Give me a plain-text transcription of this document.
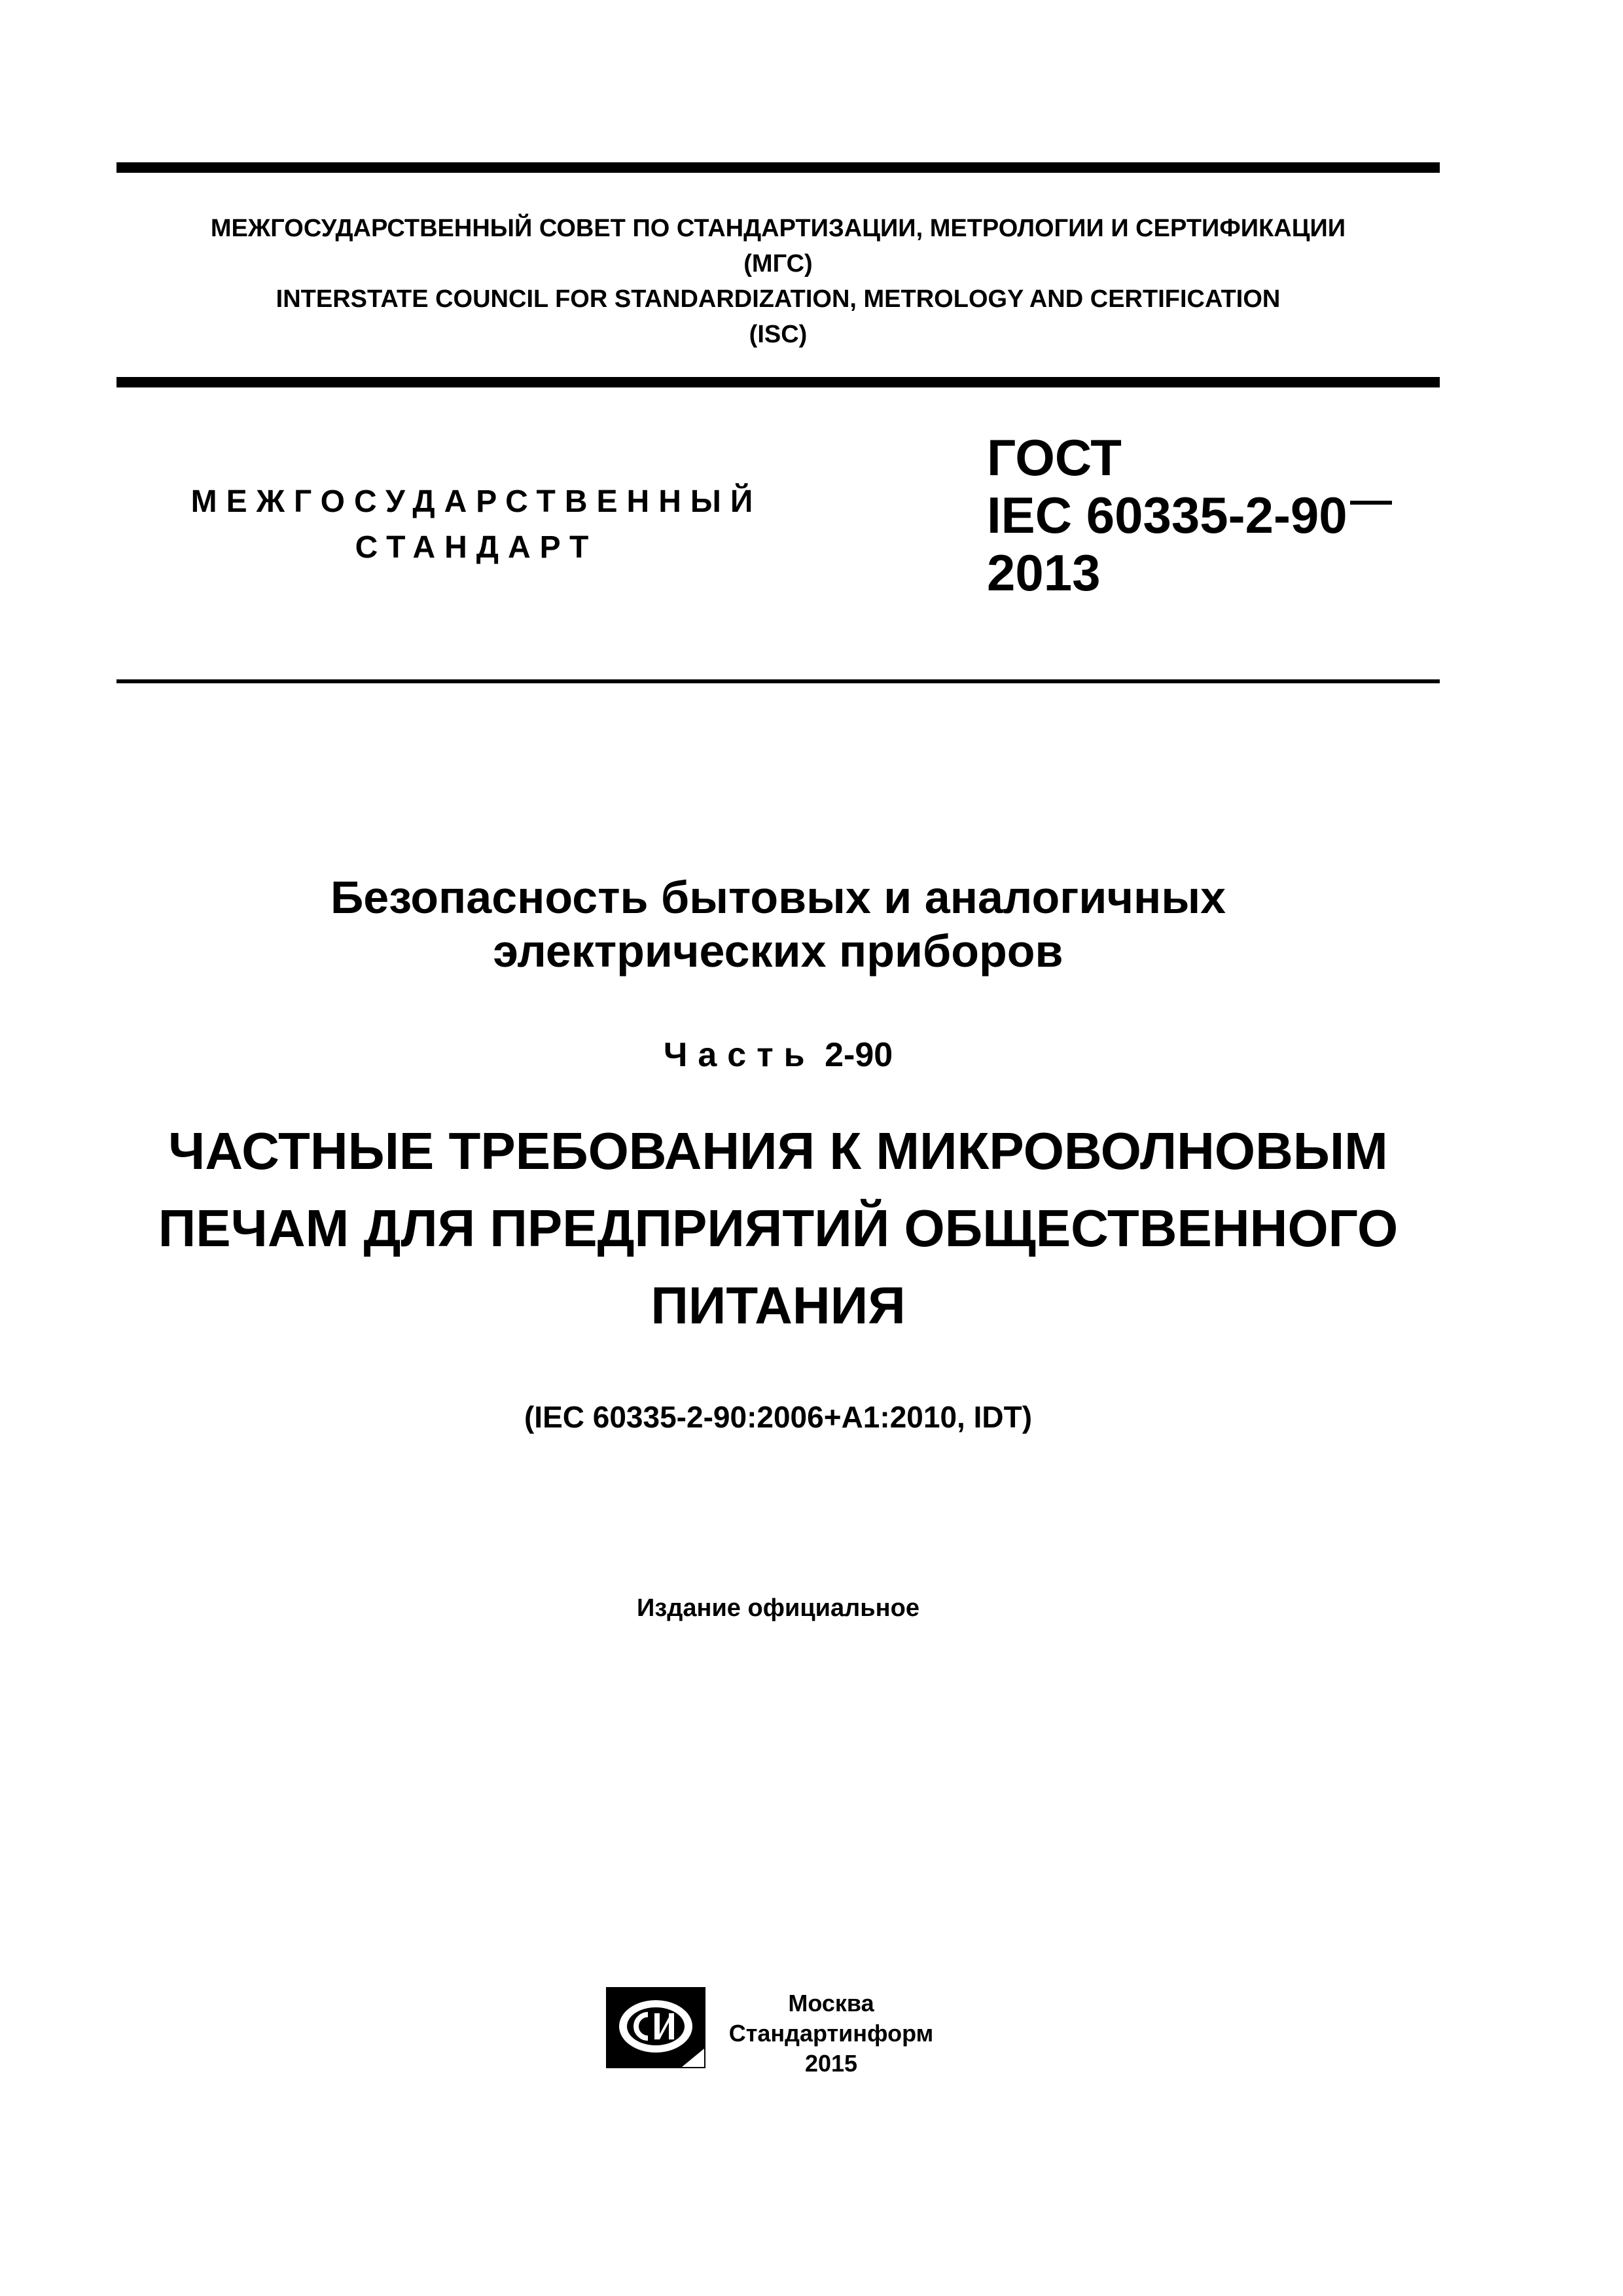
МЕЖГОСУДАРСТВЕННЫЙ СОВЕТ ПО СТАНДАРТИЗАЦИИ, МЕТРОЛОГИИ И СЕРТИФИКАЦИИ
(МГС)
INTERSTATE COUNCIL FOR STANDARDIZATION, METROLOGY AND CERTIFICATION
(ISC)
МЕЖГОСУДАРСТВЕННЫЙ
СТАНДАРТ
ГОСТ
IEC 60335-2-90
2013
Безопасность бытовых и аналогичных
электрических приборов
Часть 2-90
ЧАСТНЫЕ ТРЕБОВАНИЯ К МИКРОВОЛНОВЫМ
ПЕЧАМ ДЛЯ ПРЕДПРИЯТИЙ ОБЩЕСТВЕННОГО
ПИТАНИЯ
(IEC 60335-2-90:2006+A1:2010, IDT)
Издание официальное
Москва
Стандартинформ
2015
